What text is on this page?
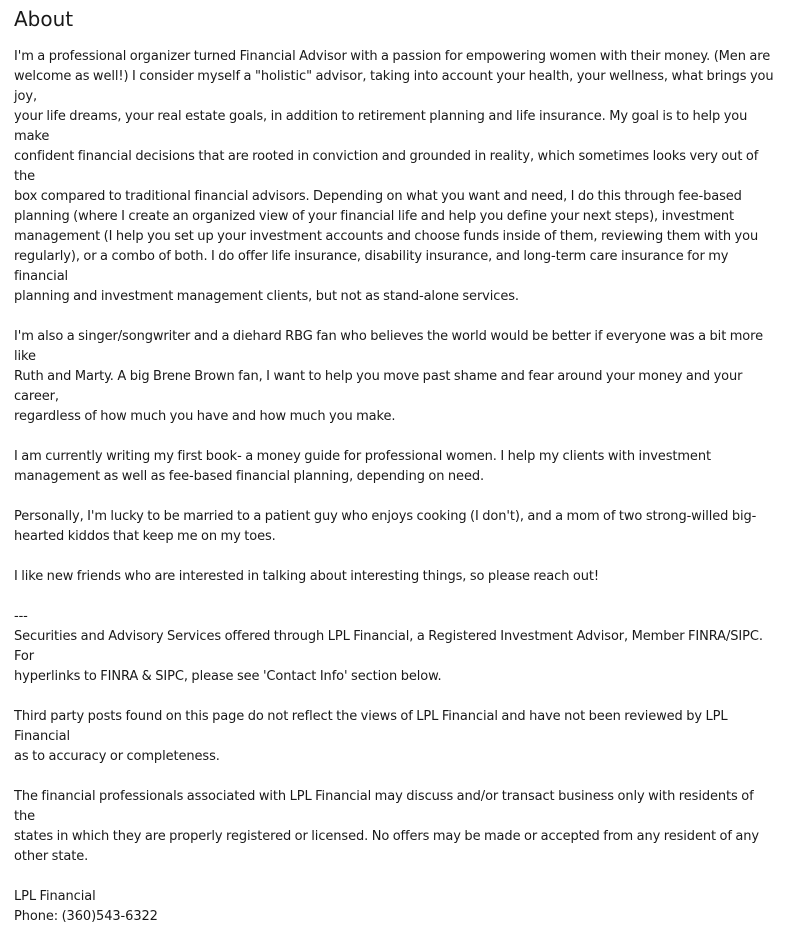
About

I'm a professional organizer turned Financial Advisor with a passion for empowering women with their money. (Men are
welcome as well!) I consider myself a "holistic" advisor, taking into account your health, your wellness, what brings you joy,
your life dreams, your real estate goals, in addition to retirement planning and life insurance. My goal is to help you make
confident financial decisions that are rooted in conviction and grounded in reality, which sometimes looks very out of the
box compared to traditional financial advisors. Depending on what you want and need, I do this through fee-based
planning (where I create an organized view of your financial life and help you define your next steps), investment
management (I help you set up your investment accounts and choose funds inside of them, reviewing them with you
regularly), or a combo of both. I do offer life insurance, disability insurance, and long-term care insurance for my financial
planning and investment management clients, but not as stand-alone services.

I'm also a singer/songwriter and a diehard RBG fan who believes the world would be better if everyone was a bit more like
Ruth and Marty. A big Brene Brown fan, I want to help you move past shame and fear around your money and your career,
regardless of how much you have and how much you make.

I am currently writing my first book- a money guide for professional women. I help my clients with investment
management as well as fee-based financial planning, depending on need.

Personally, I'm lucky to be married to a patient guy who enjoys cooking (I don't), and a mom of two strong-willed big-
hearted kiddos that keep me on my toes.

I like new friends who are interested in talking about interesting things, so please reach out!

---
Securities and Advisory Services offered through LPL Financial, a Registered Investment Advisor, Member FINRA/SIPC. For
hyperlinks to FINRA & SIPC, please see 'Contact Info' section below.

Third party posts found on this page do not reflect the views of LPL Financial and have not been reviewed by LPL Financial
as to accuracy or completeness.

The financial professionals associated with LPL Financial may discuss and/or transact business only with residents of the
states in which they are properly registered or licensed. No offers may be made or accepted from any resident of any
other state.

LPL Financial
Phone: (360)543-6322
